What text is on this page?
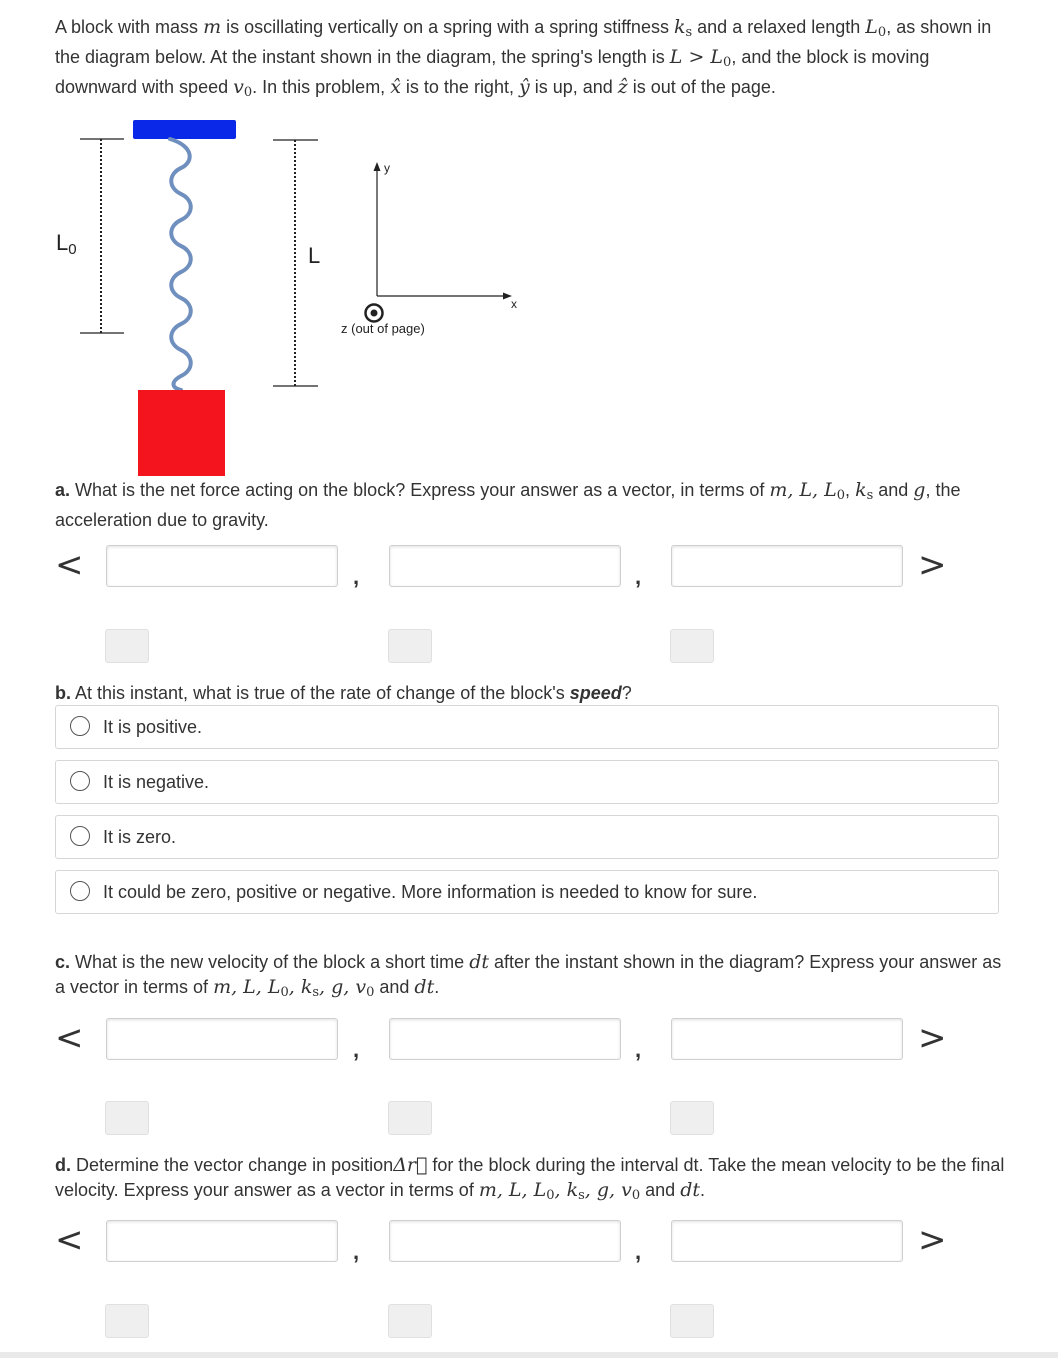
A block with mass m is oscillating vertically on a spring with a spring stiffness $k_s$ and a relaxed length $L_0$, as shown in the diagram below. At the instant shown in the diagram, the spring's length is $L > L_0$, and the block is moving downward with speed $v_0$. In this problem, x̂ is to the right, ŷ is up, and ẑ is out of the page.
L0	L
y
x
z (out of page)
a. What is the net force acting on the block? Express your answer as a vector, in terms of m, L, $L_0$, $k_s$ and g, the acceleration due to gravity.
<	,	,	>
b. At this instant, what is true of the rate of change of the block's speed?
It is positive.
It is negative.
It is zero.
It could be zero, positive or negative. More information is needed to know for sure.
c. What is the new velocity of the block a short time dt after the instant shown in the diagram? Express your answer as a vector in terms of m, L, $L_0$, $k_s$, g, $v_0$ and dt.
<	,	,	>
d. Determine the vector change in positionΔr⃗ for the block during the interval dt. Take the mean velocity to be the final velocity. Express your answer as a vector in terms of m, L, $L_0$, $k_s$, g, $v_0$ and dt.
<	,	,	>
